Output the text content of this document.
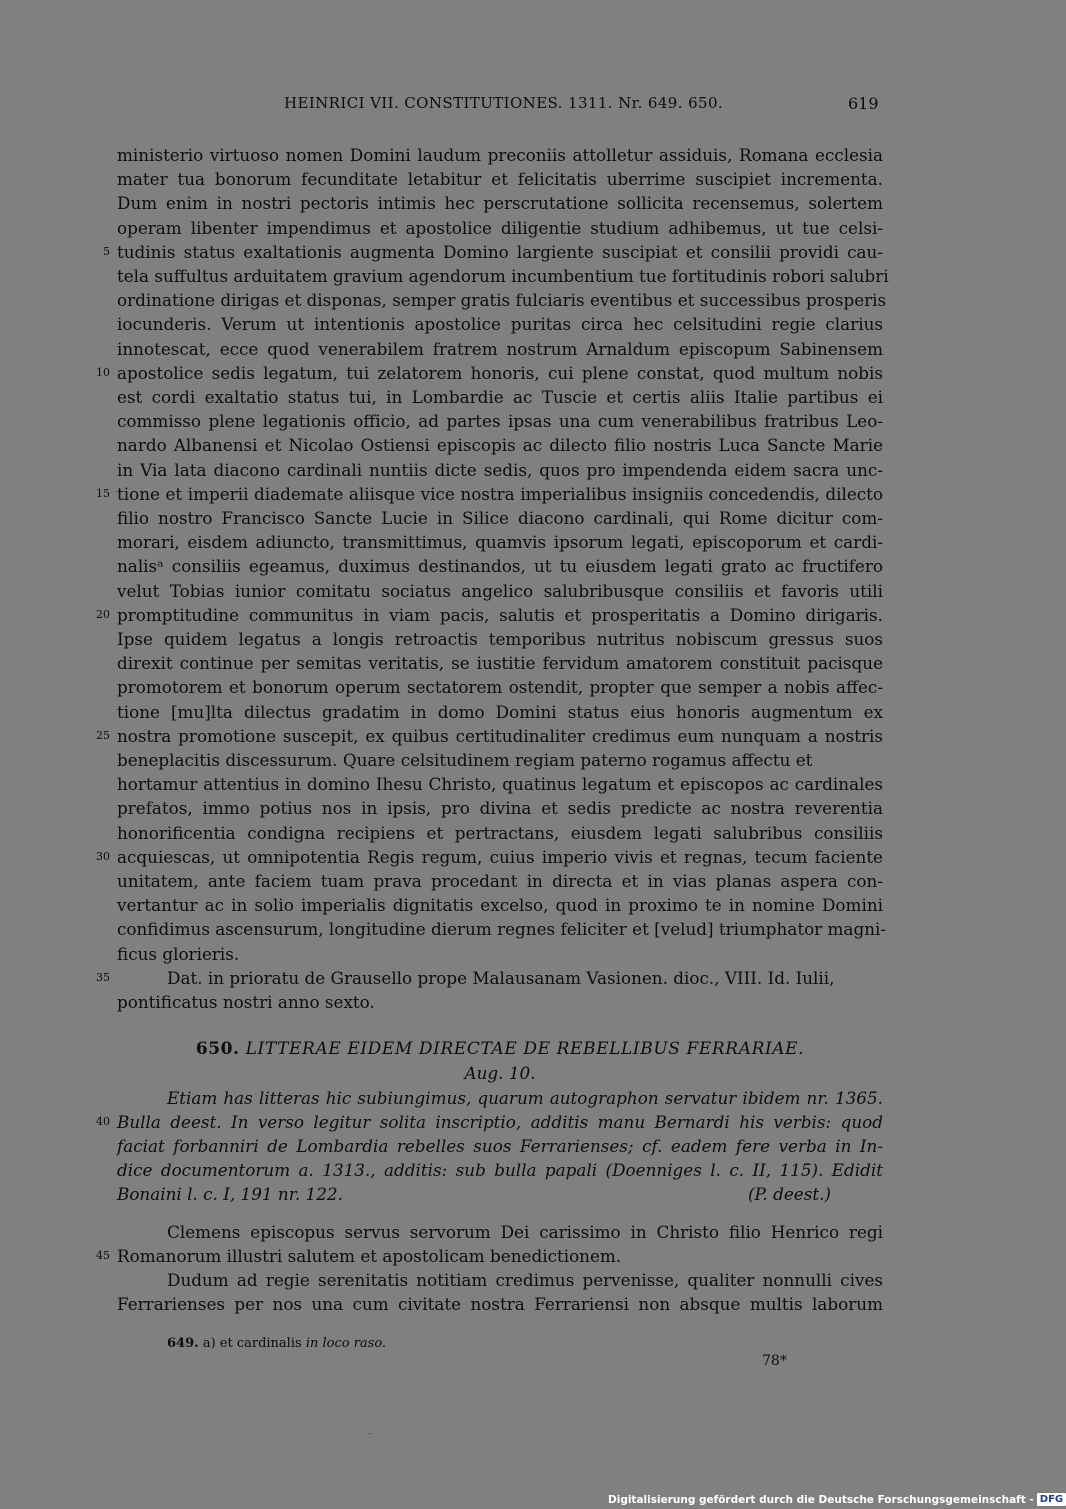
HEINRICI VII. CONSTITUTIONES. 1311. Nr. 649. 650.	619
ministerio virtuoso nomen Domini laudum preconiis attolletur assiduis, Romana ecclesia
mater tua bonorum fecunditate letabitur et felicitatis uberrime suscipiet incrementa.
Dum enim in nostri pectoris intimis hec perscrutatione sollicita recensemus, solertem
operam libenter impendimus et apostolice diligentie studium adhibemus, ut tue celsi-
tudinis status exaltationis augmenta Domino largiente suscipiat et consilii providi cau-
tela suffultus arduitatem gravium agendorum incumbentium tue fortitudinis robori salubri
ordinatione dirigas et disponas, semper gratis fulciaris eventibus et successibus prosperis
iocunderis. Verum ut intentionis apostolice puritas circa hec celsitudini regie clarius
innotescat, ecce quod venerabilem fratrem nostrum Arnaldum episcopum Sabinensem
apostolice sedis legatum, tui zelatorem honoris, cui plene constat, quod multum nobis
est cordi exaltatio status tui, in Lombardie ac Tuscie et certis aliis Italie partibus ei
commisso plene legationis officio, ad partes ipsas una cum venerabilibus fratribus Leo-
nardo Albanensi et Nicolao Ostiensi episcopis ac dilecto filio nostris Luca Sancte Marie
in Via lata diacono cardinali nuntiis dicte sedis, quos pro impendenda eidem sacra unc-
tione et imperii diademate aliisque vice nostra imperialibus insigniis concedendis, dilecto
filio nostro Francisco Sancte Lucie in Silice diacono cardinali, qui Rome dicitur com-
morari, eisdem adiuncto, transmittimus, quamvis ipsorum legati, episcoporum et cardi-
nalisᵃ consiliis egeamus, duximus destinandos, ut tu eiusdem legati grato ac fructifero
velut Tobias iunior comitatu sociatus angelico salubribusque consiliis et favoris utili
promptitudine communitus in viam pacis, salutis et prosperitatis a Domino dirigaris.
Ipse quidem legatus a longis retroactis temporibus nutritus nobiscum gressus suos
direxit continue per semitas veritatis, se iustitie fervidum amatorem constituit pacisque
promotorem et bonorum operum sectatorem ostendit, propter que semper a nobis affec-
tione [mu]lta dilectus gradatim in domo Domini status eius honoris augmentum ex
nostra promotione suscepit, ex quibus certitudinaliter credimus eum nunquam a nostris
beneplacitis discessurum. Quare celsitudinem regiam paterno rogamus affectu et
hortamur attentius in domino Ihesu Christo, quatinus legatum et episcopos ac cardinales
prefatos, immo potius nos in ipsis, pro divina et sedis predicte ac nostra reverentia
honorificentia condigna recipiens et pertractans, eiusdem legati salubribus consiliis
acquiescas, ut omnipotentia Regis regum, cuius imperio vivis et regnas, tecum faciente
unitatem, ante faciem tuam prava procedant in directa et in vias planas aspera con-
vertantur ac in solio imperialis dignitatis excelso, quod in proximo te in nomine Domini
confidimus ascensurum, longitudine dierum regnes feliciter et [velud] triumphator magni-
ficus glorieris.
Dat. in prioratu de Grausello prope Malausanam Vasionen. dioc., VIII. Id. Iulii,
pontificatus nostri anno sexto.
650. LITTERAE EIDEM DIRECTAE DE REBELLIBUS FERRARIAE.
Aug. 10.
Etiam has litteras hic subiungimus, quarum autographon servatur ibidem nr. 1365.
Bulla deest. In verso legitur solita inscriptio, additis manu Bernardi his verbis: quod
faciat forbanniri de Lombardia rebelles suos Ferrarienses; cf. eadem fere verba in In-
dice documentorum a. 1313., additis: sub bulla papali (Doenniges l. c. II, 115). Edidit
Bonaini l. c. I, 191 nr. 122.	(P. deest.)
Clemens episcopus servus servorum Dei carissimo in Christo filio Henrico regi
Romanorum illustri salutem et apostolicam benedictionem.
Dudum ad regie serenitatis notitiam credimus pervenisse, qualiter nonnulli cives
Ferrarienses per nos una cum civitate nostra Ferrariensi non absque multis laborum
5
10
15
20
25
30
35
40
45
649. a) et cardinalis in loco raso.
78*
ˎ
Digitalisierung gefördert durch die Deutsche Forschungsgemeinschaft - DFG
